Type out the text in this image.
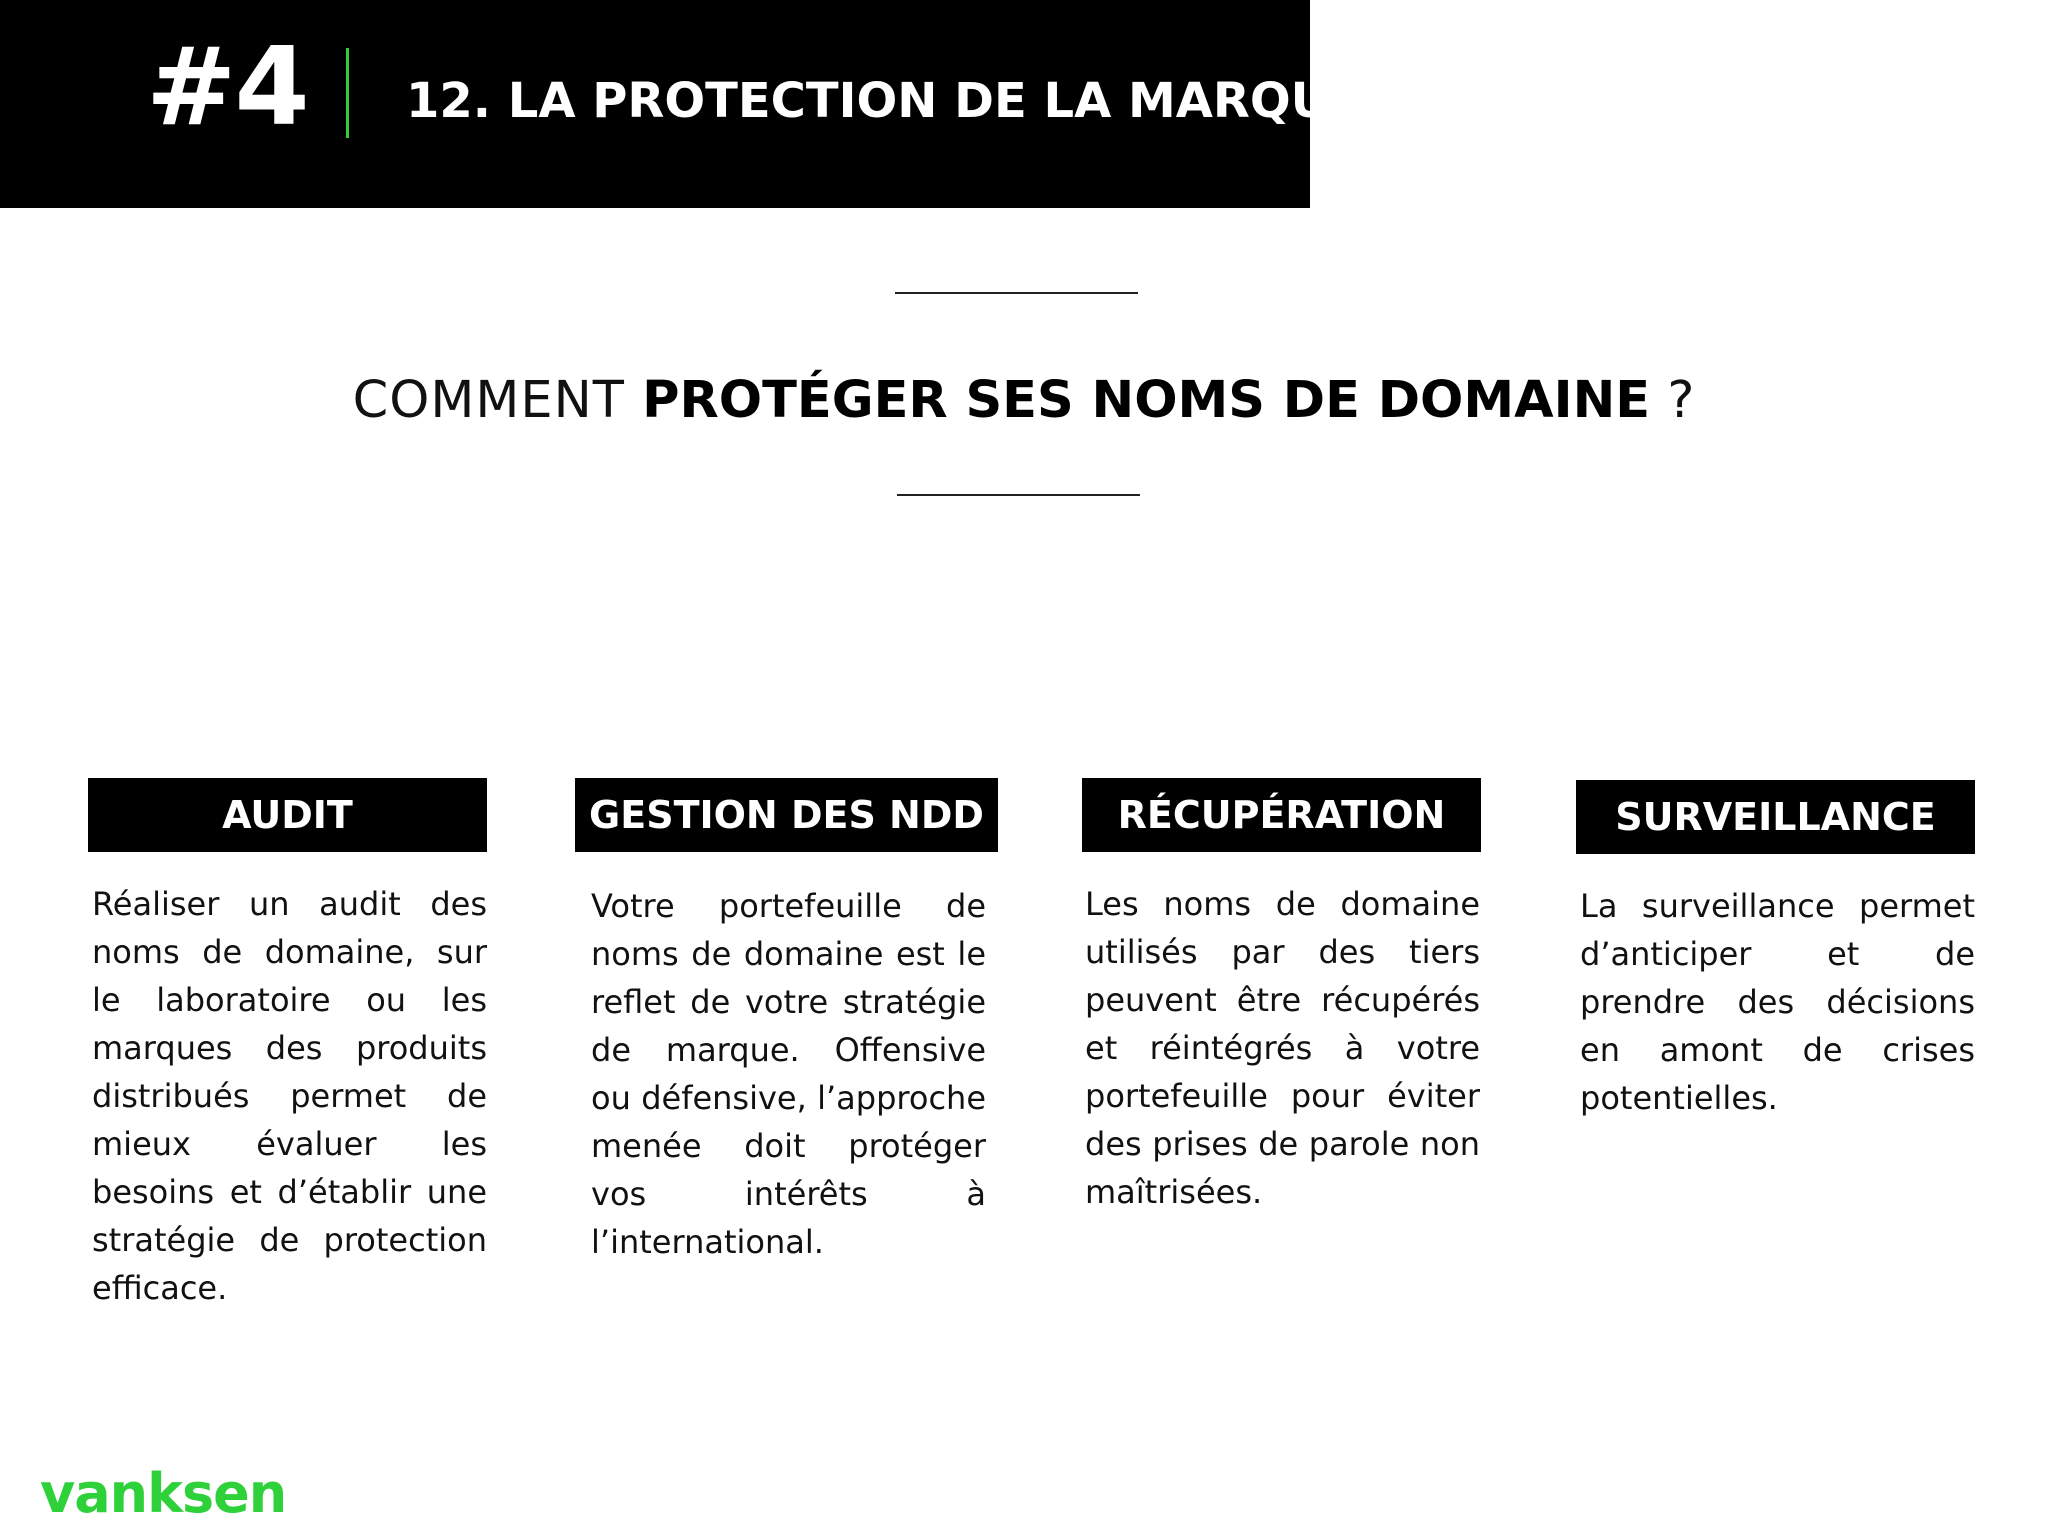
#4 12. LA PROTECTION DE LA MARQUE
COMMENT PROTÉGER SES NOMS DE DOMAINE ?
AUDIT
Réaliser un audit des noms de domaine, sur le laboratoire ou les marques des produits distribués permet de mieux évaluer les besoins et d’établir une stratégie de protection efficace.
GESTION DES NDD
Votre portefeuille de noms de domaine est le reflet de votre stratégie de marque. Offensive ou défensive, l’approche menée doit protéger vos intérêts à l’international.
RÉCUPÉRATION
Les noms de domaine utilisés par des tiers peuvent être récupérés et réintégrés à votre portefeuille pour éviter des prises de parole non maîtrisées.
SURVEILLANCE
La surveillance permet d’anticiper et de prendre des décisions en amont de crises potentielles.
vanksen
